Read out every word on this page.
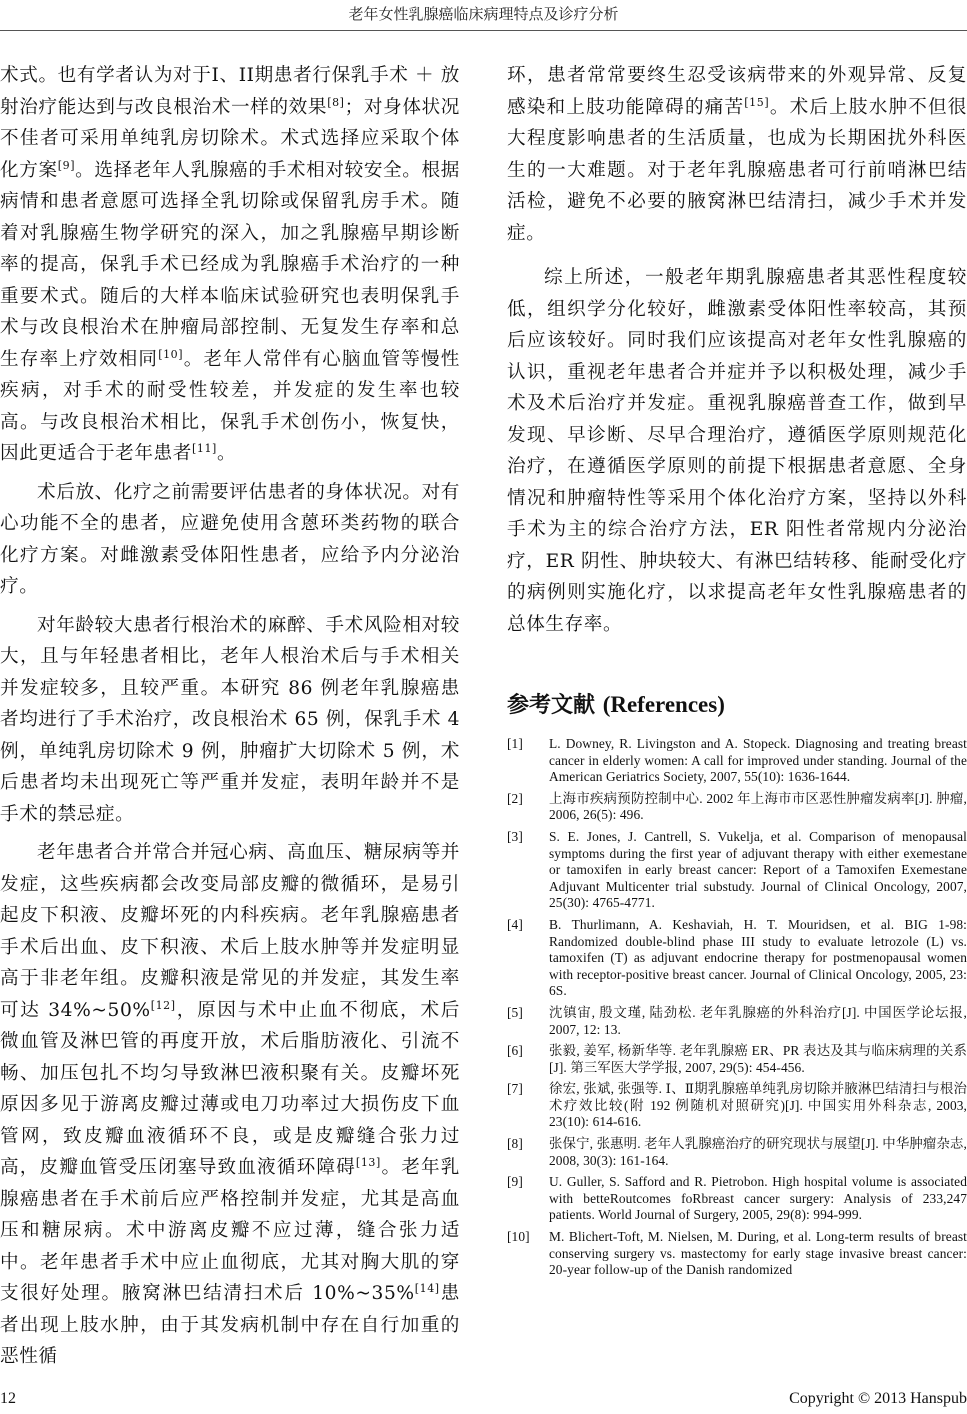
老年女性乳腺癌临床病理特点及诊疗分析

术式。也有学者认为对于I、II期患者行保乳手术 ＋ 放射治疗能达到与改良根治术一样的效果[8]；对身体状况不佳者可采用单纯乳房切除术。术式选择应采取个体化方案[9]。选择老年人乳腺癌的手术相对较安全。根据病情和患者意愿可选择全乳切除或保留乳房手术。随着对乳腺癌生物学研究的深入，加之乳腺癌早期诊断率的提高，保乳手术已经成为乳腺癌手术治疗的一种重要术式。随后的大样本临床试验研究也表明保乳手术与改良根治术在肿瘤局部控制、无复发生存率和总生存率上疗效相同[10]。老年人常伴有心脑血管等慢性疾病，对手术的耐受性较差，并发症的发生率也较高。与改良根治术相比，保乳手术创伤小，恢复快，因此更适合于老年患者[11]。

术后放、化疗之前需要评估患者的身体状况。对有心功能不全的患者，应避免使用含蒽环类药物的联合化疗方案。对雌激素受体阳性患者，应给予内分泌治疗。

对年龄较大患者行根治术的麻醉、手术风险相对较大，且与年轻患者相比，老年人根治术后与手术相关并发症较多，且较严重。本研究 86 例老年乳腺癌患者均进行了手术治疗，改良根治术 65 例，保乳手术 4 例，单纯乳房切除术 9 例，肿瘤扩大切除术 5 例，术后患者均未出现死亡等严重并发症，表明年龄并不是手术的禁忌症。

老年患者合并常合并冠心病、高血压、糖尿病等并发症，这些疾病都会改变局部皮瓣的微循环，是易引起皮下积液、皮瓣坏死的内科疾病。老年乳腺癌患者手术后出血、皮下积液、术后上肢水肿等并发症明显高于非老年组。皮瓣积液是常见的并发症，其发生率可达 34%~50%[12]，原因与术中止血不彻底，术后微血管及淋巴管的再度开放，术后脂肪液化、引流不畅、加压包扎不均匀导致淋巴液积聚有关。皮瓣坏死原因多见于游离皮瓣过薄或电刀功率过大损伤皮下血管网，致皮瓣血液循环不良，或是皮瓣缝合张力过高，皮瓣血管受压闭塞导致血液循环障碍[13]。老年乳腺癌患者在手术前后应严格控制并发症，尤其是高血压和糖尿病。术中游离皮瓣不应过薄，缝合张力适中。老年患者手术中应止血彻底，尤其对胸大肌的穿支很好处理。腋窝淋巴结清扫术后 10%~35%[14]患者出现上肢水肿，由于其发病机制中存在自行加重的恶性循

环，患者常常要终生忍受该病带来的外观异常、反复感染和上肢功能障碍的痛苦[15]。术后上肢水肿不但很大程度影响患者的生活质量，也成为长期困扰外科医生的一大难题。对于老年乳腺癌患者可行前哨淋巴结活检，避免不必要的腋窝淋巴结清扫，减少手术并发症。

综上所述，一般老年期乳腺癌患者其恶性程度较低，组织学分化较好，雌激素受体阳性率较高，其预后应该较好。同时我们应该提高对老年女性乳腺癌的认识，重视老年患者合并症并予以积极处理，减少手术及术后治疗并发症。重视乳腺癌普查工作，做到早发现、早诊断、尽早合理治疗，遵循医学原则规范化治疗，在遵循医学原则的前提下根据患者意愿、全身情况和肿瘤特性等采用个体化治疗方案，坚持以外科手术为主的综合治疗方法，ER 阳性者常规内分泌治疗，ER 阴性、肿块较大、有淋巴结转移、能耐受化疗的病例则实施化疗，以求提高老年女性乳腺癌患者的总体生存率。

参考文献 (References)
[1] L. Downey, R. Livingston and A. Stopeck. Diagnosing and treating breast cancer in elderly women: A call for improved under standing. Journal of the American Geriatrics Society, 2007, 55(10): 1636-1644.
[2] 上海市疾病预防控制中心. 2002 年上海市市区恶性肿瘤发病率[J]. 肿瘤, 2006, 26(5): 496.
[3] S. E. Jones, J. Cantrell, S. Vukelja, et al. Comparison of menopausal symptoms during the first year of adjuvant therapy with either exemestane or tamoxifen in early breast cancer: Report of a Tamoxifen Exemestane Adjuvant Multicenter trial substudy. Journal of Clinical Oncology, 2007, 25(30): 4765-4771.
[4] B. Thurlimann, A. Keshaviah, H. T. Mouridsen, et al. BIG 1-98: Randomized double-blind phase III study to evaluate letrozole (L) vs. tamoxifen (T) as adjuvant endocrine therapy for postmenopausal women with receptor-positive breast cancer. Journal of Clinical Oncology, 2005, 23: 6S.
[5] 沈镇宙, 殷文瑾, 陆劲松. 老年乳腺癌的外科治疗[J]. 中国医学论坛报, 2007, 12: 13.
[6] 张毅, 姜军, 杨新华等. 老年乳腺癌 ER、PR 表达及其与临床病理的关系[J]. 第三军医大学学报, 2007, 29(5): 454-456.
[7] 徐宏, 张斌, 张强等. Ⅰ、Ⅱ期乳腺癌单纯乳房切除并腋淋巴结清扫与根治术疗效比较(附 192 例随机对照研究)[J]. 中国实用外科杂志, 2003, 23(10): 614-616.
[8] 张保宁, 张惠明. 老年人乳腺癌治疗的研究现状与展望[J]. 中华肿瘤杂志, 2008, 30(3): 161-164.
[9] U. Guller, S. Safford and R. Pietrobon. High hospital volume is associated with betteRoutcomes foRbreast cancer surgery: Analysis of 233,247 patients. World Journal of Surgery, 2005, 29(8): 994-999.
[10] M. Blichert-Toft, M. Nielsen, M. During, et al. Long-term results of breast conserving surgery vs. mastectomy for early stage invasive breast cancer: 20-year follow-up of the Danish randomized
12	Copyright © 2013 Hanspub
